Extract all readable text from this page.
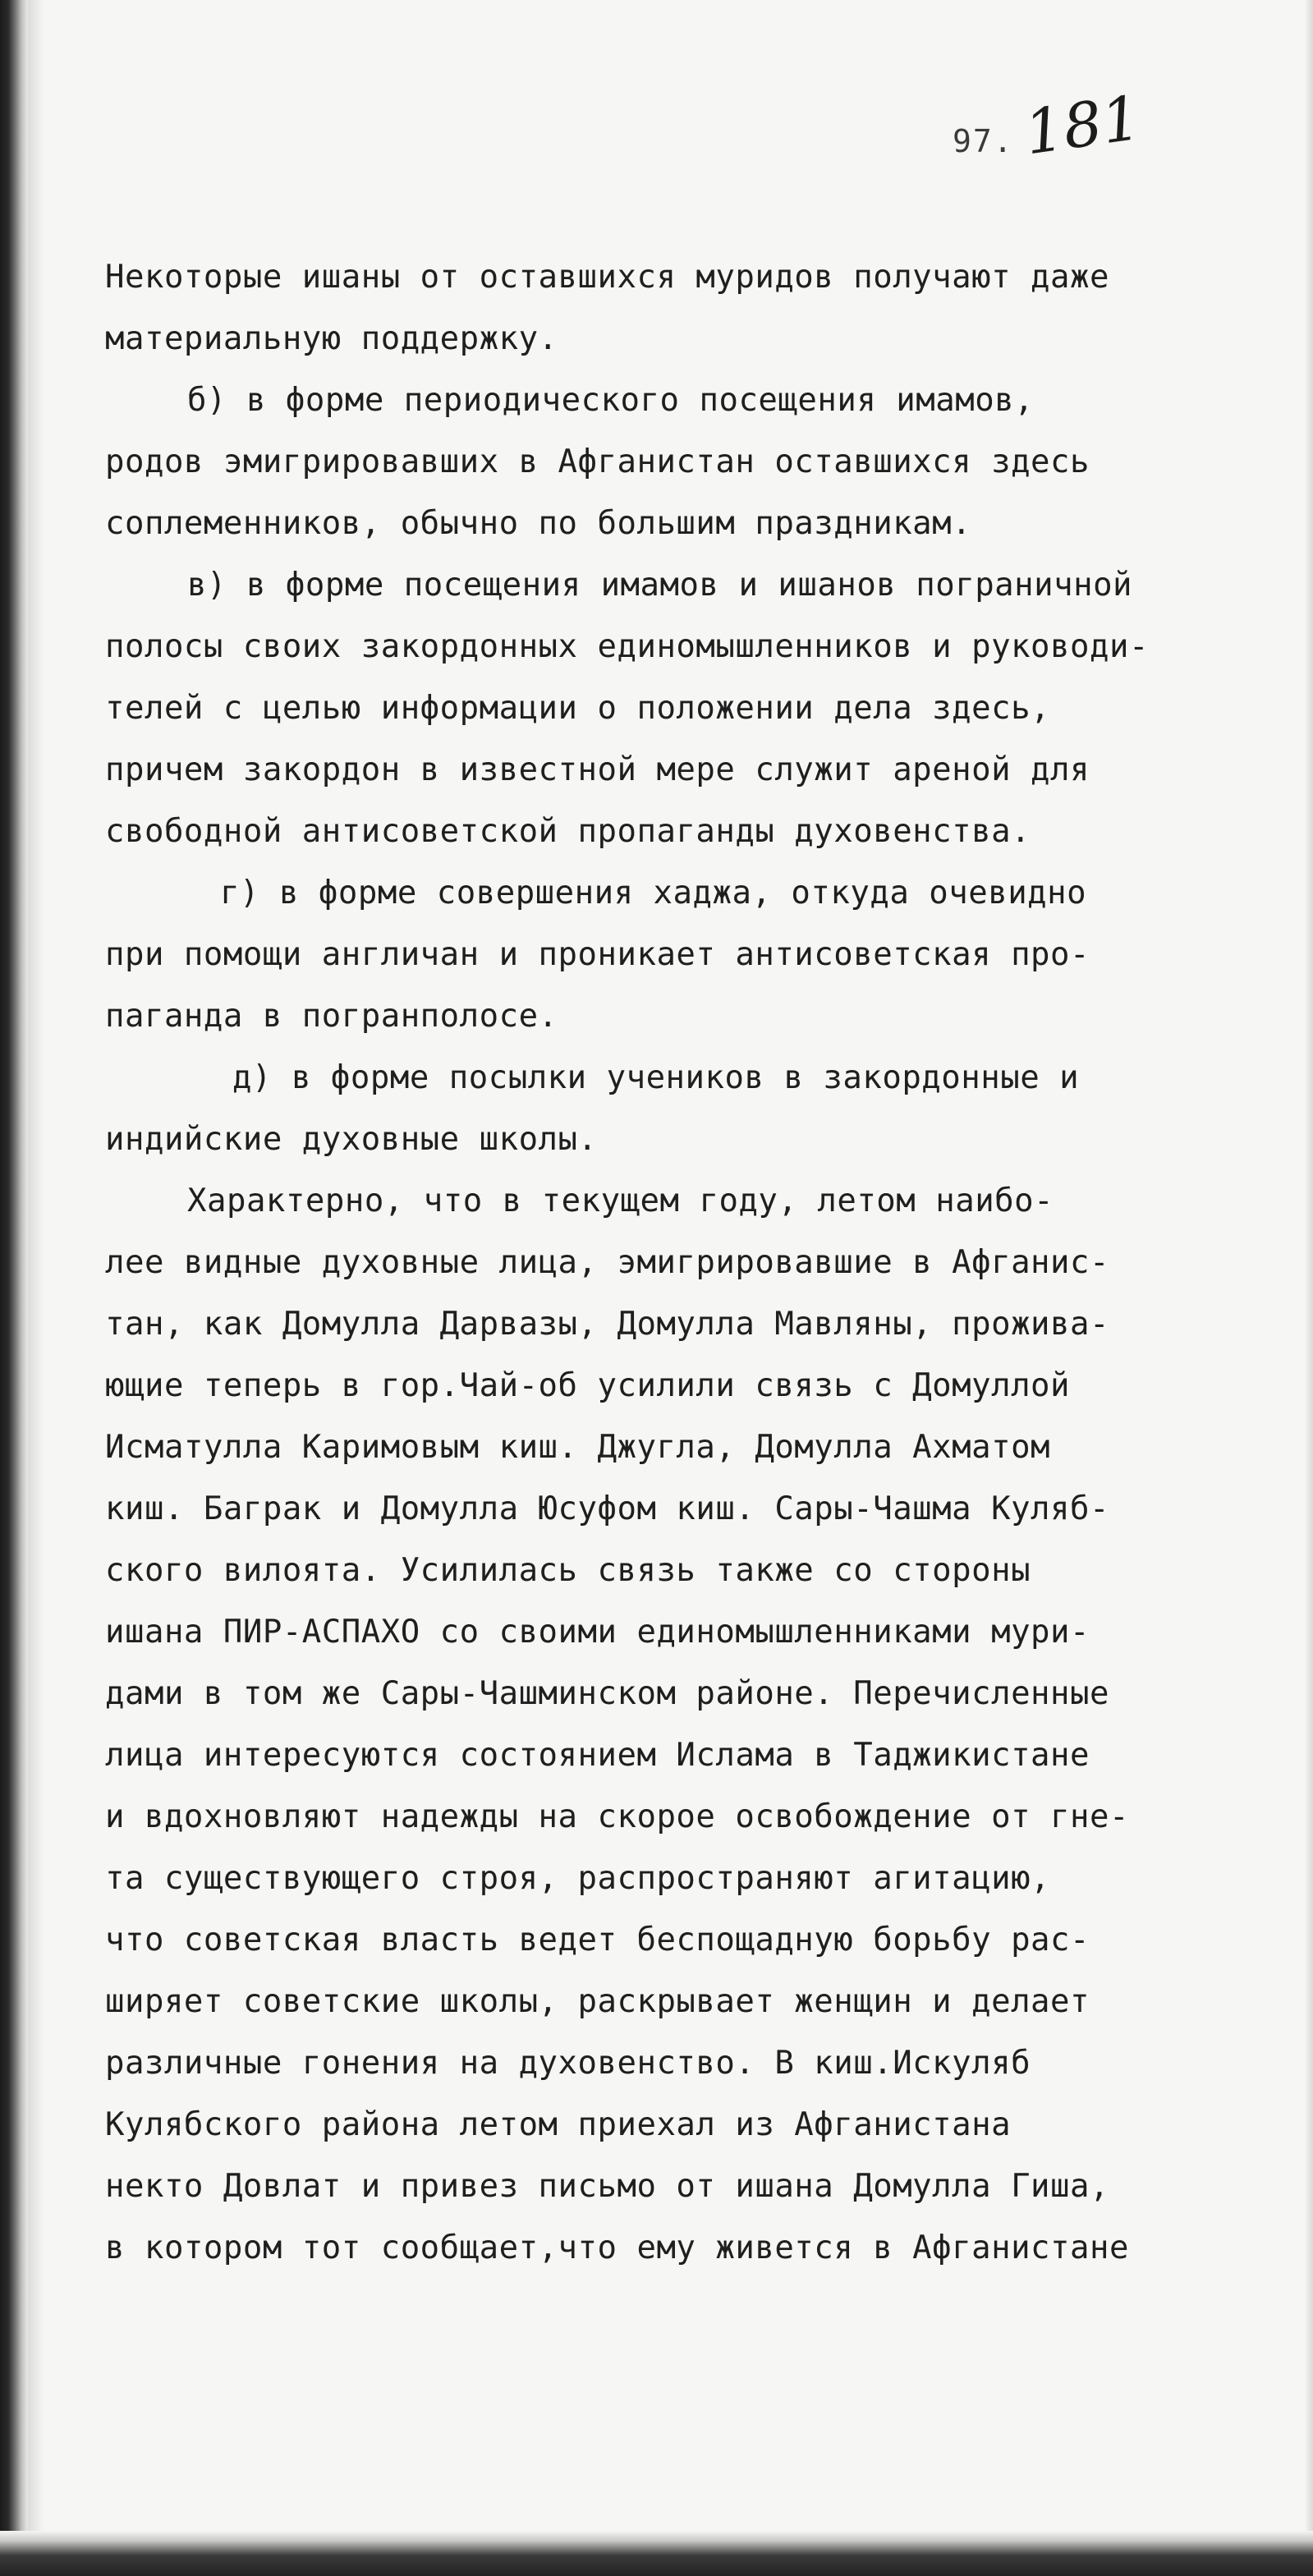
97. 181
Некоторые ишаны от оставшихся муридов получают даже
материальную поддержку.
б) в форме периодического посещения имамов,
родов эмигрировавших в Афганистан оставшихся здесь
соплеменников, обычно по большим праздникам.
в) в форме посещения имамов и ишанов пограничной
полосы своих закордонных единомышленников и руководи-
телей с целью информации о положении дела здесь,
причем закордон в известной мере служит ареной для
свободной антисоветской пропаганды духовенства.
г) в форме совершения хаджа, откуда очевидно
при помощи англичан и проникает антисоветская про-
паганда в погранполосе.
д) в форме посылки учеников в закордонные и
индийские духовные школы.
Характерно, что в текущем году, летом наибо-
лее видные духовные лица, эмигрировавшие в Афганис-
тан, как Домулла Дарвазы, Домулла Мавляны, прожива-
ющие теперь в гор.Чай-об усилили связь с Домуллой
Исматулла Каримовым киш. Джугла, Домулла Ахматом
киш. Баграк и Домулла Юсуфом киш. Сары-Чашма Куляб-
ского вилоята. Усилилась связь также со стороны
ишана ПИР-АСПАХО со своими единомышленниками мури-
дами в том же Сары-Чашминском районе. Перечисленные
лица интересуются состоянием Ислама в Таджикистане
и вдохновляют надежды на скорое освобождение от гне-
та существующего строя, распространяют агитацию,
что советская власть ведет беспощадную борьбу рас-
ширяет советские школы, раскрывает женщин и делает
различные гонения на духовенство. В киш.Искуляб
Кулябского района летом приехал из Афганистана
некто Довлат и привез письмо от ишана Домулла Гиша,
в котором тот сообщает,что ему живется в Афганистане
